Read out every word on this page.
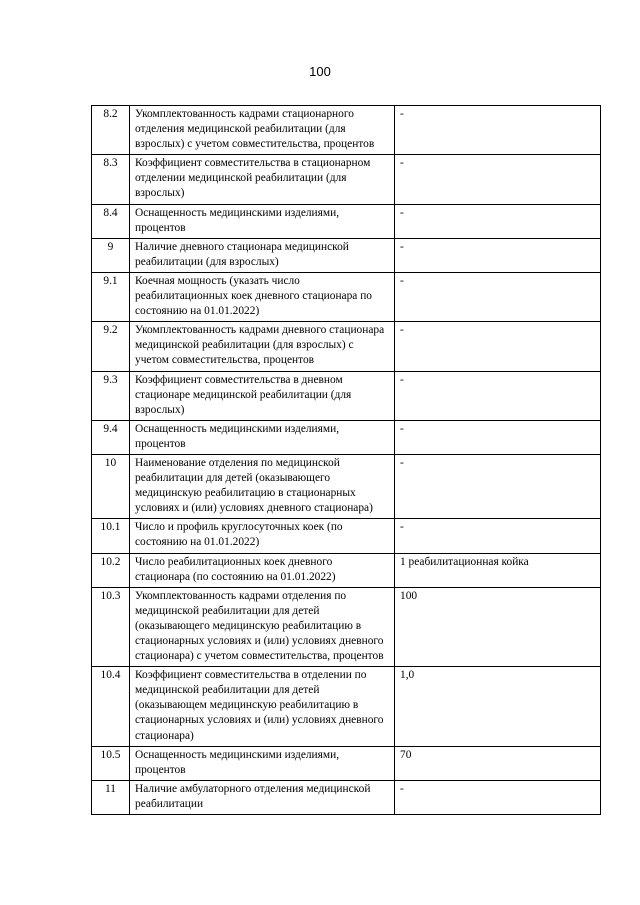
100
8.2	Укомплектованность кадрами стационарного отделения медицинской реабилитации (для взрослых) с учетом совместительства, процентов	-
8.3	Коэффициент совместительства в стационарном отделении медицинской реабилитации (для взрослых)	-
8.4	Оснащенность медицинскими изделиями, процентов	-
9	Наличие дневного стационара медицинской реабилитации (для взрослых)	-
9.1	Коечная мощность (указать число реабилитационных коек дневного стационара по состоянию на 01.01.2022)	-
9.2	Укомплектованность кадрами дневного стационара медицинской реабилитации (для взрослых) с учетом совместительства, процентов	-
9.3	Коэффициент совместительства в дневном стационаре медицинской реабилитации (для взрослых)	-
9.4	Оснащенность медицинскими изделиями, процентов	-
10	Наименование отделения по медицинской реабилитации для детей (оказывающего медицинскую реабилитацию в стационарных условиях и (или) условиях дневного стационара)	-
10.1	Число и профиль круглосуточных коек (по состоянию на 01.01.2022)	-
10.2	Число реабилитационных коек дневного стационара (по состоянию на 01.01.2022)	1 реабилитационная койка
10.3	Укомплектованность кадрами отделения по медицинской реабилитации для детей (оказывающего медицинскую реабилитацию в стационарных условиях и (или) условиях дневного стационара) с учетом совместительства, процентов	100
10.4	Коэффициент совместительства в отделении по медицинской реабилитации для детей (оказывающем медицинскую реабилитацию в стационарных условиях и (или) условиях дневного стационара)	1,0
10.5	Оснащенность медицинскими изделиями, процентов	70
11	Наличие амбулаторного отделения медицинской реабилитации	-
